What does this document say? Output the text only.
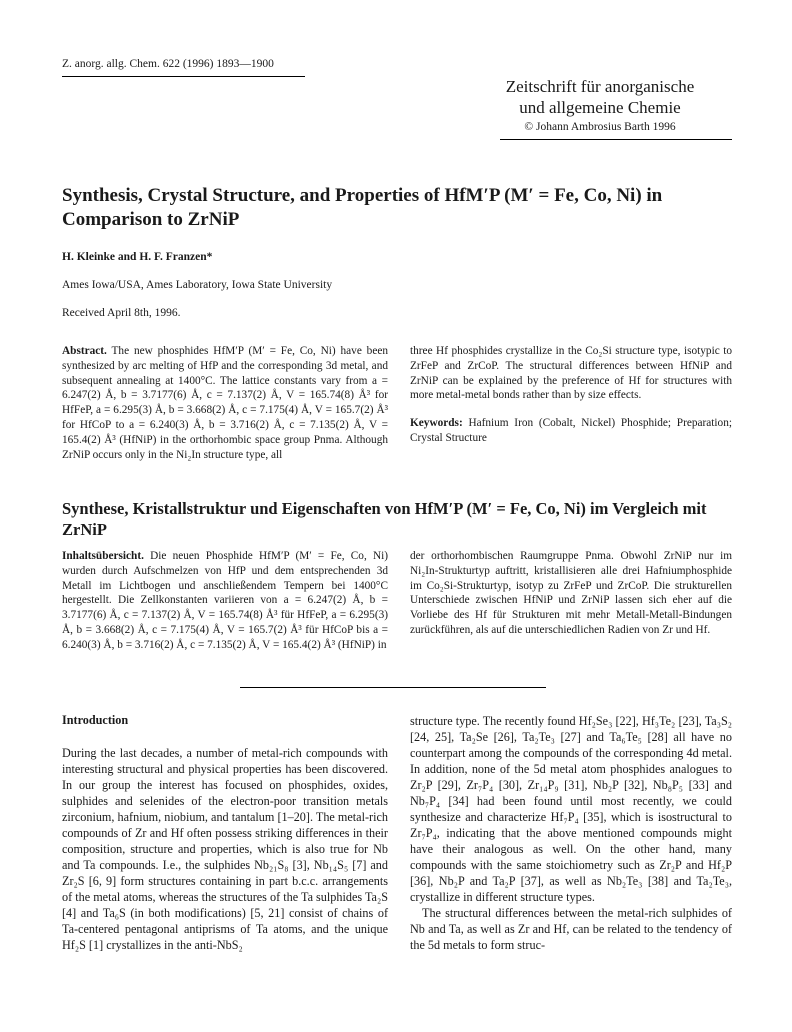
Z. anorg. allg. Chem. 622 (1996) 1893—1900
Zeitschrift für anorganische
und allgemeine Chemie
© Johann Ambrosius Barth 1996
Synthesis, Crystal Structure, and Properties of HfM′P (M′ = Fe, Co, Ni) in Comparison to ZrNiP
H. Kleinke and H. F. Franzen*
Ames Iowa/USA, Ames Laboratory, Iowa State University
Received April 8th, 1996.
Abstract. The new phosphides HfM′P (M′ = Fe, Co, Ni) have been synthesized by arc melting of HfP and the corresponding 3d metal, and subsequent annealing at 1400°C. The lattice constants vary from a = 6.247(2) Å, b = 3.7177(6) Å, c = 7.137(2) Å, V = 165.74(8) Å³ for HfFeP, a = 6.295(3) Å, b = 3.668(2) Å, c = 7.175(4) Å, V = 165.7(2) Å³ for HfCoP to a = 6.240(3) Å, b = 3.716(2) Å, c = 7.135(2) Å, V = 165.4(2) Å³ (HfNiP) in the orthorhombic space group Pnma. Although ZrNiP occurs only in the Ni₂In structure type, all
three Hf phosphides crystallize in the Co₂Si structure type, isotypic to ZrFeP and ZrCoP. The structural differences between HfNiP and ZrNiP can be explained by the preference of Hf for structures with more metal-metal bonds rather than by size effects.
Keywords: Hafnium Iron (Cobalt, Nickel) Phosphide; Preparation; Crystal Structure
Synthese, Kristallstruktur und Eigenschaften von HfM′P (M′ = Fe, Co, Ni) im Vergleich mit ZrNiP
Inhaltsübersicht. Die neuen Phosphide HfM′P (M′ = Fe, Co, Ni) wurden durch Aufschmelzen von HfP und dem entsprechenden 3d Metall im Lichtbogen und anschließendem Tempern bei 1400°C hergestellt. Die Zellkonstanten variieren von a = 6.247(2) Å, b = 3.7177(6) Å, c = 7.137(2) Å, V = 165.74(8) Å³ für HfFeP, a = 6.295(3) Å, b = 3.668(2) Å, c = 7.175(4) Å, V = 165.7(2) Å³ für HfCoP bis a = 6.240(3) Å, b = 3.716(2) Å, c = 7.135(2) Å, V = 165.4(2) Å³ (HfNiP) in
der orthorhombischen Raumgruppe Pnma. Obwohl ZrNiP nur im Ni₂In-Strukturtyp auftritt, kristallisieren alle drei Hafniumphosphide im Co₂Si-Strukturtyp, isotyp zu ZrFeP und ZrCoP. Die strukturellen Unterschiede zwischen HfNiP und ZrNiP lassen sich eher auf die Vorliebe des Hf für Strukturen mit mehr Metall-Metall-Bindungen zurückführen, als auf die unterschiedlichen Radien von Zr und Hf.
Introduction
During the last decades, a number of metal-rich compounds with interesting structural and physical properties has been discovered. In our group the interest has focused on phosphides, oxides, sulphides and selenides of the electron-poor transition metals zirconium, hafnium, niobium, and tantalum [1–20]. The metal-rich compounds of Zr and Hf often possess striking differences in their composition, structure and properties, which is also true for Nb and Ta compounds. I.e., the sulphides Nb₂₁S₈ [3], Nb₁₄S₅ [7] and Zr₂S [6, 9] form structures containing in part b.c.c. arrangements of the metal atoms, whereas the structures of the Ta sulphides Ta₂S [4] and Ta₆S (in both modifications) [5, 21] consist of chains of Ta-centered pentagonal antiprisms of Ta atoms, and the unique Hf₂S [1] crystallizes in the anti-NbS₂
structure type. The recently found Hf₂Se₃ [22], Hf₃Te₂ [23], Ta₃S₂ [24, 25], Ta₂Se [26], Ta₂Te₃ [27] and Ta₆Te₅ [28] all have no counterpart among the compounds of the corresponding 4d metal. In addition, none of the 5d metal atom phosphides analogues to Zr₂P [29], Zr₇P₄ [30], Zr₁₄P₉ [31], Nb₂P [32], Nb₈P₅ [33] and Nb₇P₄ [34] had been found until most recently, we could synthesize and characterize Hf₇P₄ [35], which is isostructural to Zr₇P₄, indicating that the above mentioned compounds might have their analogous as well. On the other hand, many compounds with the same stoichiometry such as Zr₂P and Hf₂P [36], Nb₂P and Ta₂P [37], as well as Nb₂Te₃ [38] and Ta₂Te₃, crystallize in different structure types.
The structural differences between the metal-rich sulphides of Nb and Ta, as well as Zr and Hf, can be related to the tendency of the 5d metals to form struc-
